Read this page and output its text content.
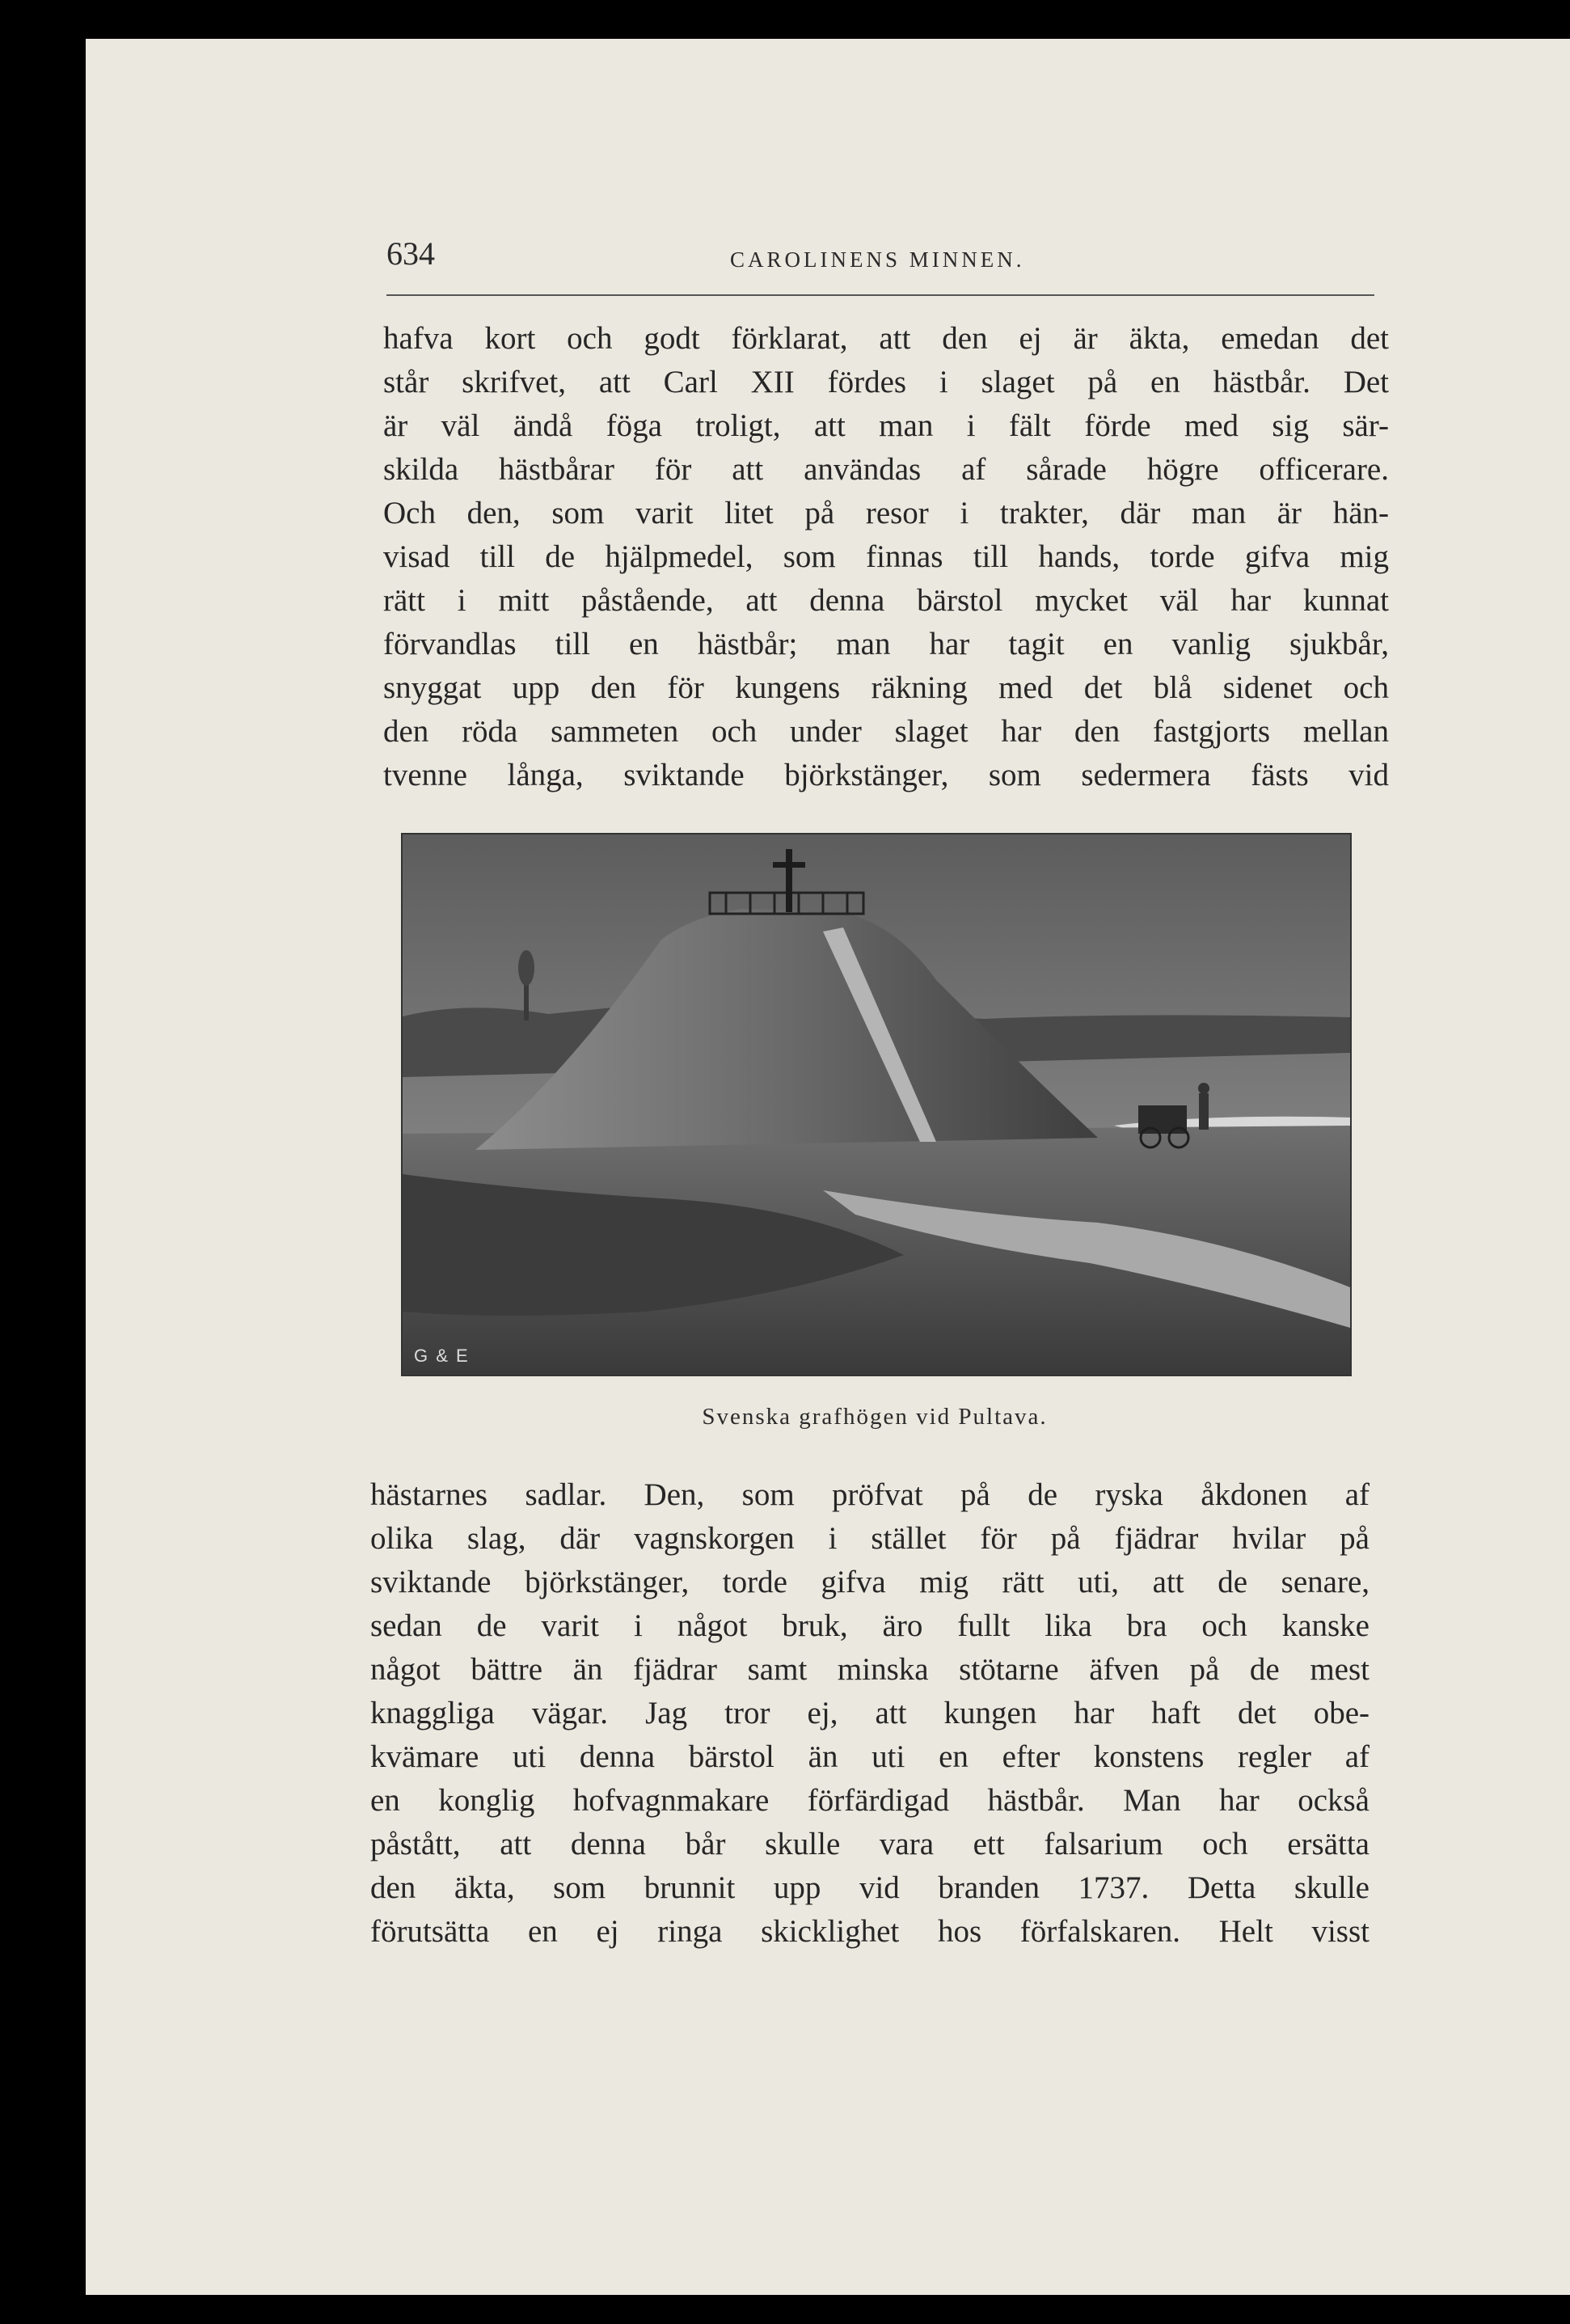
634	CAROLINENS MINNEN.
hafva kort och godt förklarat, att den ej är äkta, emedan det
står skrifvet, att Carl XII fördes i slaget på en hästbår. Det
är väl ändå föga troligt, att man i fält förde med sig sär-
skilda hästbårar för att användas af sårade högre officerare.
Och den, som varit litet på resor i trakter, där man är hän-
visad till de hjälpmedel, som finnas till hands, torde gifva mig
rätt i mitt påstående, att denna bärstol mycket väl har kunnat
förvandlas till en hästbår; man har tagit en vanlig sjukbår,
snyggat upp den för kungens räkning med det blå sidenet och
den röda sammeten och under slaget har den fastgjorts mellan
tvenne långa, sviktande björkstänger, som sedermera fästs vid
G & E
Svenska grafhögen vid Pultava.
hästarnes sadlar. Den, som pröfvat på de ryska åkdonen af
olika slag, där vagnskorgen i stället för på fjädrar hvilar på
sviktande björkstänger, torde gifva mig rätt uti, att de senare,
sedan de varit i något bruk, äro fullt lika bra och kanske
något bättre än fjädrar samt minska stötarne äfven på de mest
knaggliga vägar. Jag tror ej, att kungen har haft det obe-
kvämare uti denna bärstol än uti en efter konstens regler af
en konglig hofvagnmakare förfärdigad hästbår. Man har också
påstått, att denna bår skulle vara ett falsarium och ersätta
den äkta, som brunnit upp vid branden 1737. Detta skulle
förutsätta en ej ringa skicklighet hos förfalskaren. Helt visst
